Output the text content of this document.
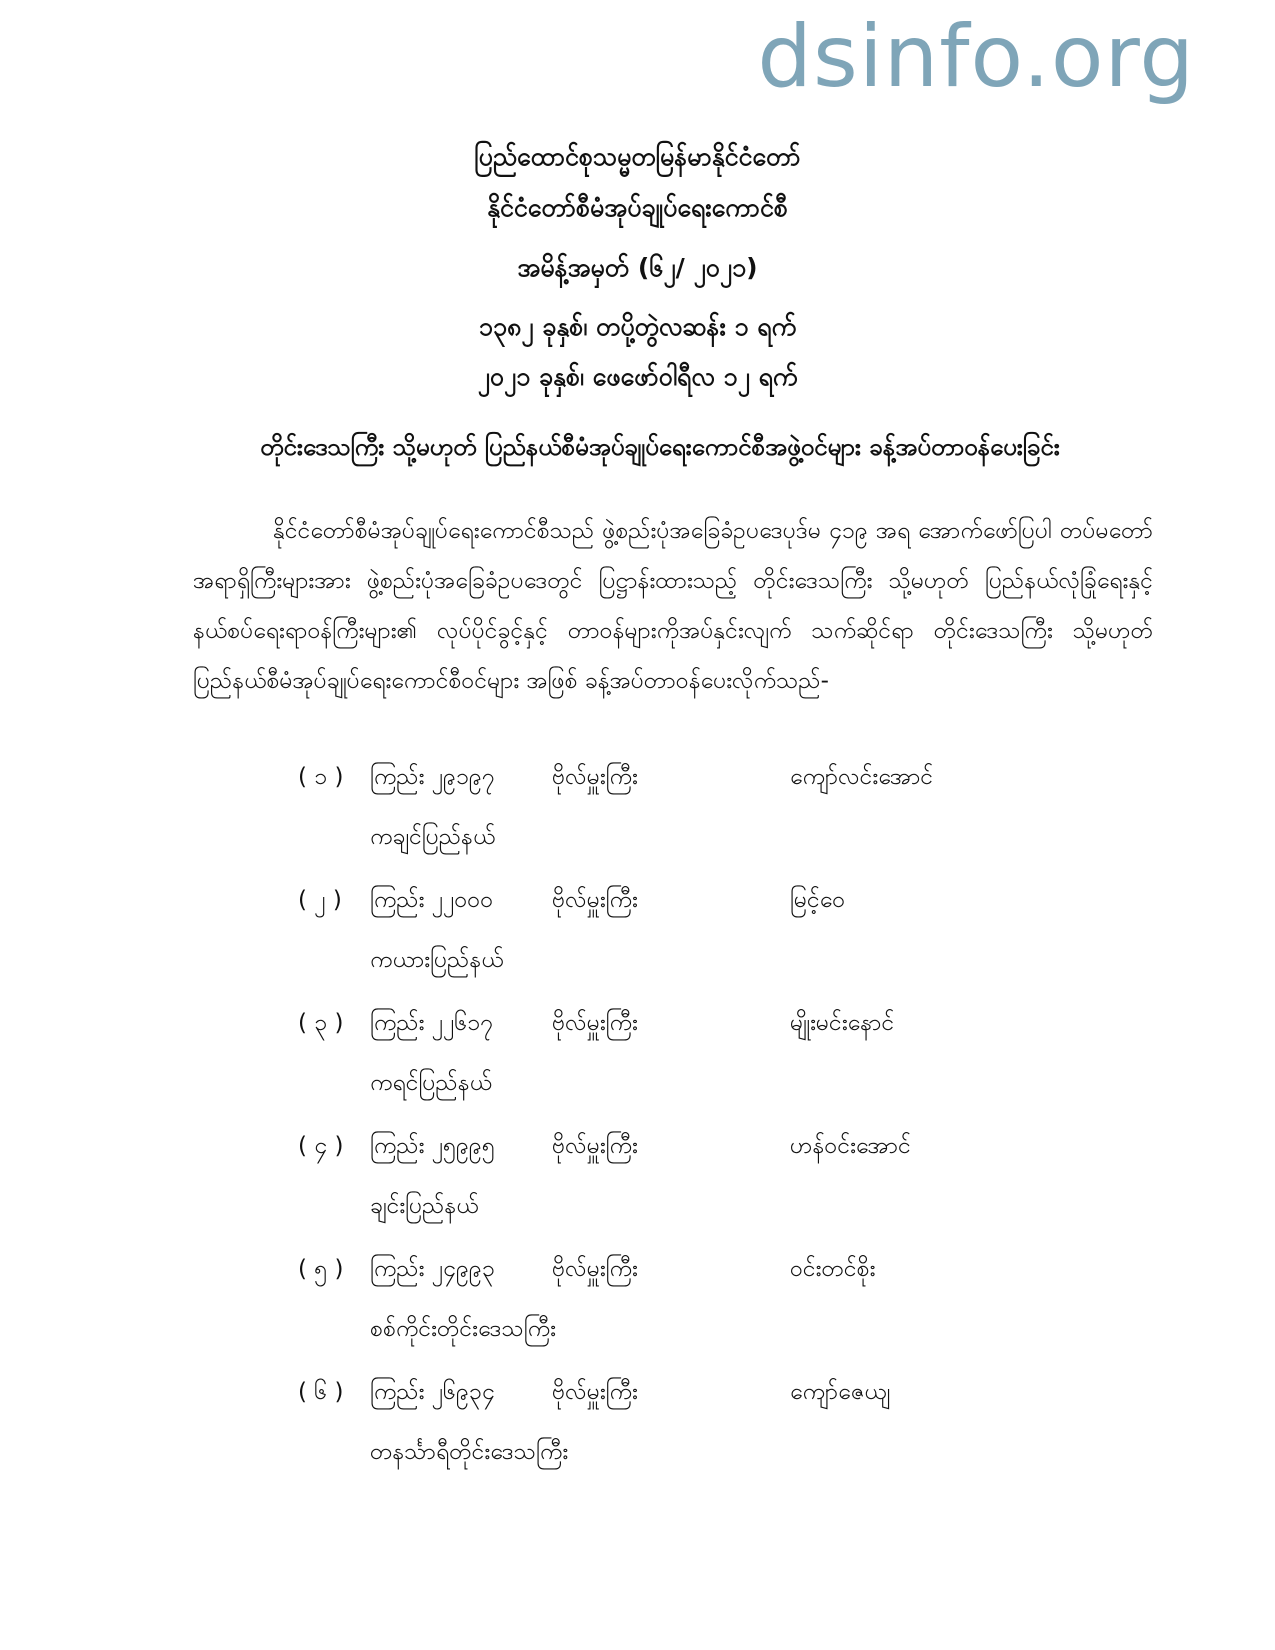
dsinfo.org
ပြည်ထောင်စုသမ္မတမြန်မာနိုင်ငံတော်
နိုင်ငံတော်စီမံအုပ်ချုပ်ရေးကောင်စီ
အမိန့်အမှတ် (၆၂/ ၂၀၂၁)
၁၃၈၂ ခုနှစ်၊ တပို့တွဲလဆန်း ၁ ရက်
၂၀၂၁ ခုနှစ်၊ ဖေဖော်ဝါရီလ ၁၂ ရက်
တိုင်းဒေသကြီး သို့မဟုတ် ပြည်နယ်စီမံအုပ်ချုပ်ရေးကောင်စီအဖွဲ့ဝင်များ ခန့်အပ်တာဝန်ပေးခြင်း
နိုင်ငံတော်စီမံအုပ်ချုပ်ရေးကောင်စီသည် ဖွဲ့စည်းပုံအခြေခံဥပဒေပုဒ်မ ၄၁၉ အရ အောက်ဖော်ပြပါ တပ်မတော်အရာရှိကြီးများအား ဖွဲ့စည်းပုံအခြေခံဥပဒေတွင် ပြဋ္ဌာန်းထားသည့် တိုင်းဒေသကြီး သို့မဟုတ် ပြည်နယ်လုံခြုံရေးနှင့်နယ်စပ်ရေးရာဝန်ကြီးများ၏ လုပ်ပိုင်ခွင့်နှင့် တာဝန်များကိုအပ်နှင်းလျက် သက်ဆိုင်ရာ တိုင်းဒေသကြီး သို့မဟုတ် ပြည်နယ်စီမံအုပ်ချုပ်ရေးကောင်စီဝင်များ အဖြစ် ခန့်အပ်တာဝန်ပေးလိုက်သည်-
( ၁ ) ကြည်း ၂၉၁၉၇ ဗိုလ်မှူးကြီး	ကျော်လင်းအောင်
ကချင်ပြည်နယ်
( ၂ ) ကြည်း ၂၂၀၀၀	ဗိုလ်မှူးကြီး	မြင့်ဝေ
ကယားပြည်နယ်
( ၃ ) ကြည်း ၂၂၆၁၇	ဗိုလ်မှူးကြီး	မျိုးမင်းနောင်
ကရင်ပြည်နယ်
( ၄ ) ကြည်း ၂၅၉၉၅ ဗိုလ်မှူးကြီး	ဟန်ဝင်းအောင်
ချင်းပြည်နယ်
( ၅ ) ကြည်း ၂၄၉၉၃ ဗိုလ်မှူးကြီး	ဝင်းတင်စိုး
စစ်ကိုင်းတိုင်းဒေသကြီး
( ၆ ) ကြည်း ၂၆၉၃၄ ဗိုလ်မှူးကြီး	ကျော်ဇေယျ
တနင်္သာရီတိုင်းဒေသကြီး
